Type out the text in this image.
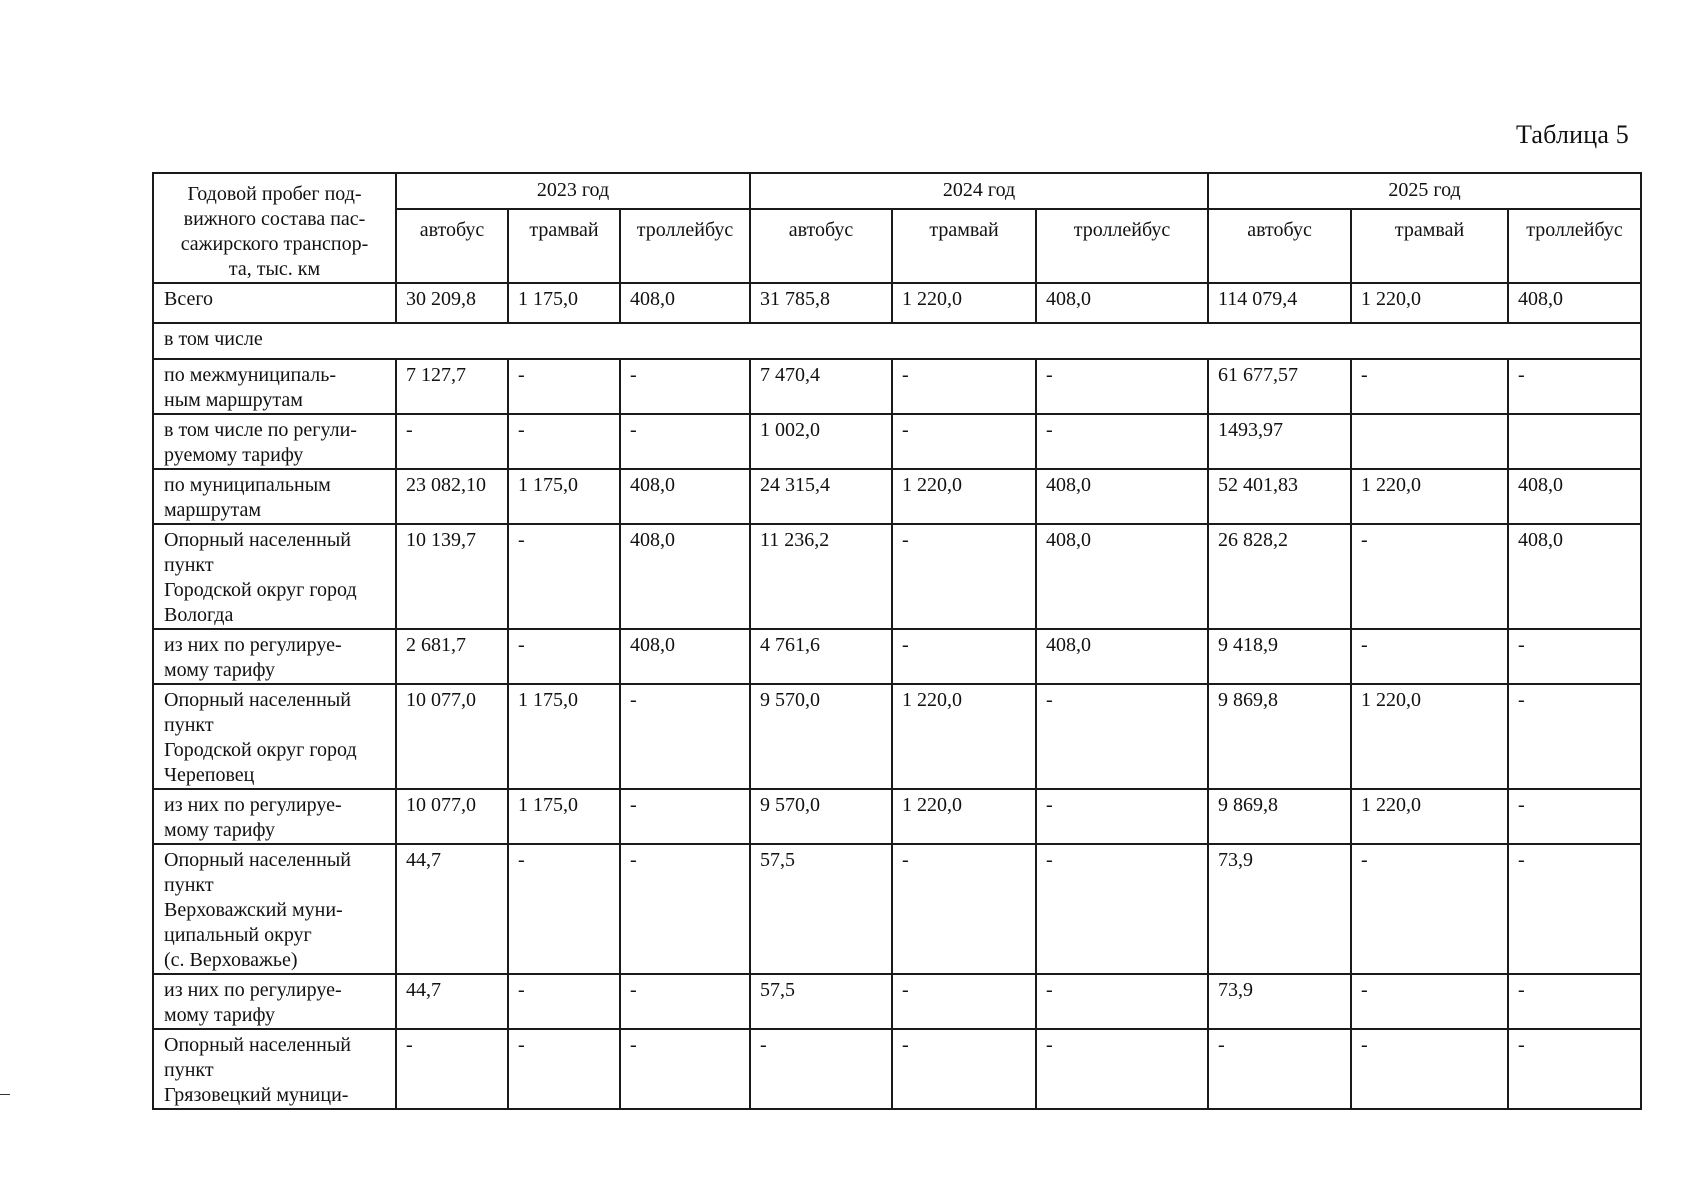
Таблица 5
Годовой пробег под-
вижного состава пас-
сажирского транспор-
та, тыс. км	2023 год			2024 год			2025 год		
	автобус	трамвай	троллейбус	автобус	трамвай	троллейбус	автобус	трамвай	троллейбус
Всего	30 209,8	1 175,0	408,0	31 785,8	1 220,0	408,0	114 079,4	1 220,0	408,0
в том числе									
по межмуниципаль-
ным маршрутам	7 127,7	-	-	7 470,4	-	-	61 677,57	-	-
в том числе по регули-
руемому тарифу	-	-	-	1 002,0	-	-	1493,97		
по муниципальным
маршрутам	23 082,10	1 175,0	408,0	24 315,4	1 220,0	408,0	52 401,83	1 220,0	408,0
Опорный населенный
пункт
Городской округ город
Вологда	10 139,7	-	408,0	11 236,2	-	408,0	26 828,2	-	408,0
из них по регулируе-
мому тарифу	2 681,7	-	408,0	4 761,6	-	408,0	9 418,9	-	-
Опорный населенный
пункт
Городской округ город
Череповец	10 077,0	1 175,0	-	9 570,0	1 220,0	-	9 869,8	1 220,0	-
из них по регулируе-
мому тарифу	10 077,0	1 175,0	-	9 570,0	1 220,0	-	9 869,8	1 220,0	-
Опорный населенный
пункт
Верховажский муни-
ципальный округ
(с. Верховажье)	44,7	-	-	57,5	-	-	73,9	-	-
из них по регулируе-
мому тарифу	44,7	-	-	57,5	-	-	73,9	-	-
Опорный населенный
пункт
Грязовецкий муници-	-	-	-	-	-	-	-	-	-
